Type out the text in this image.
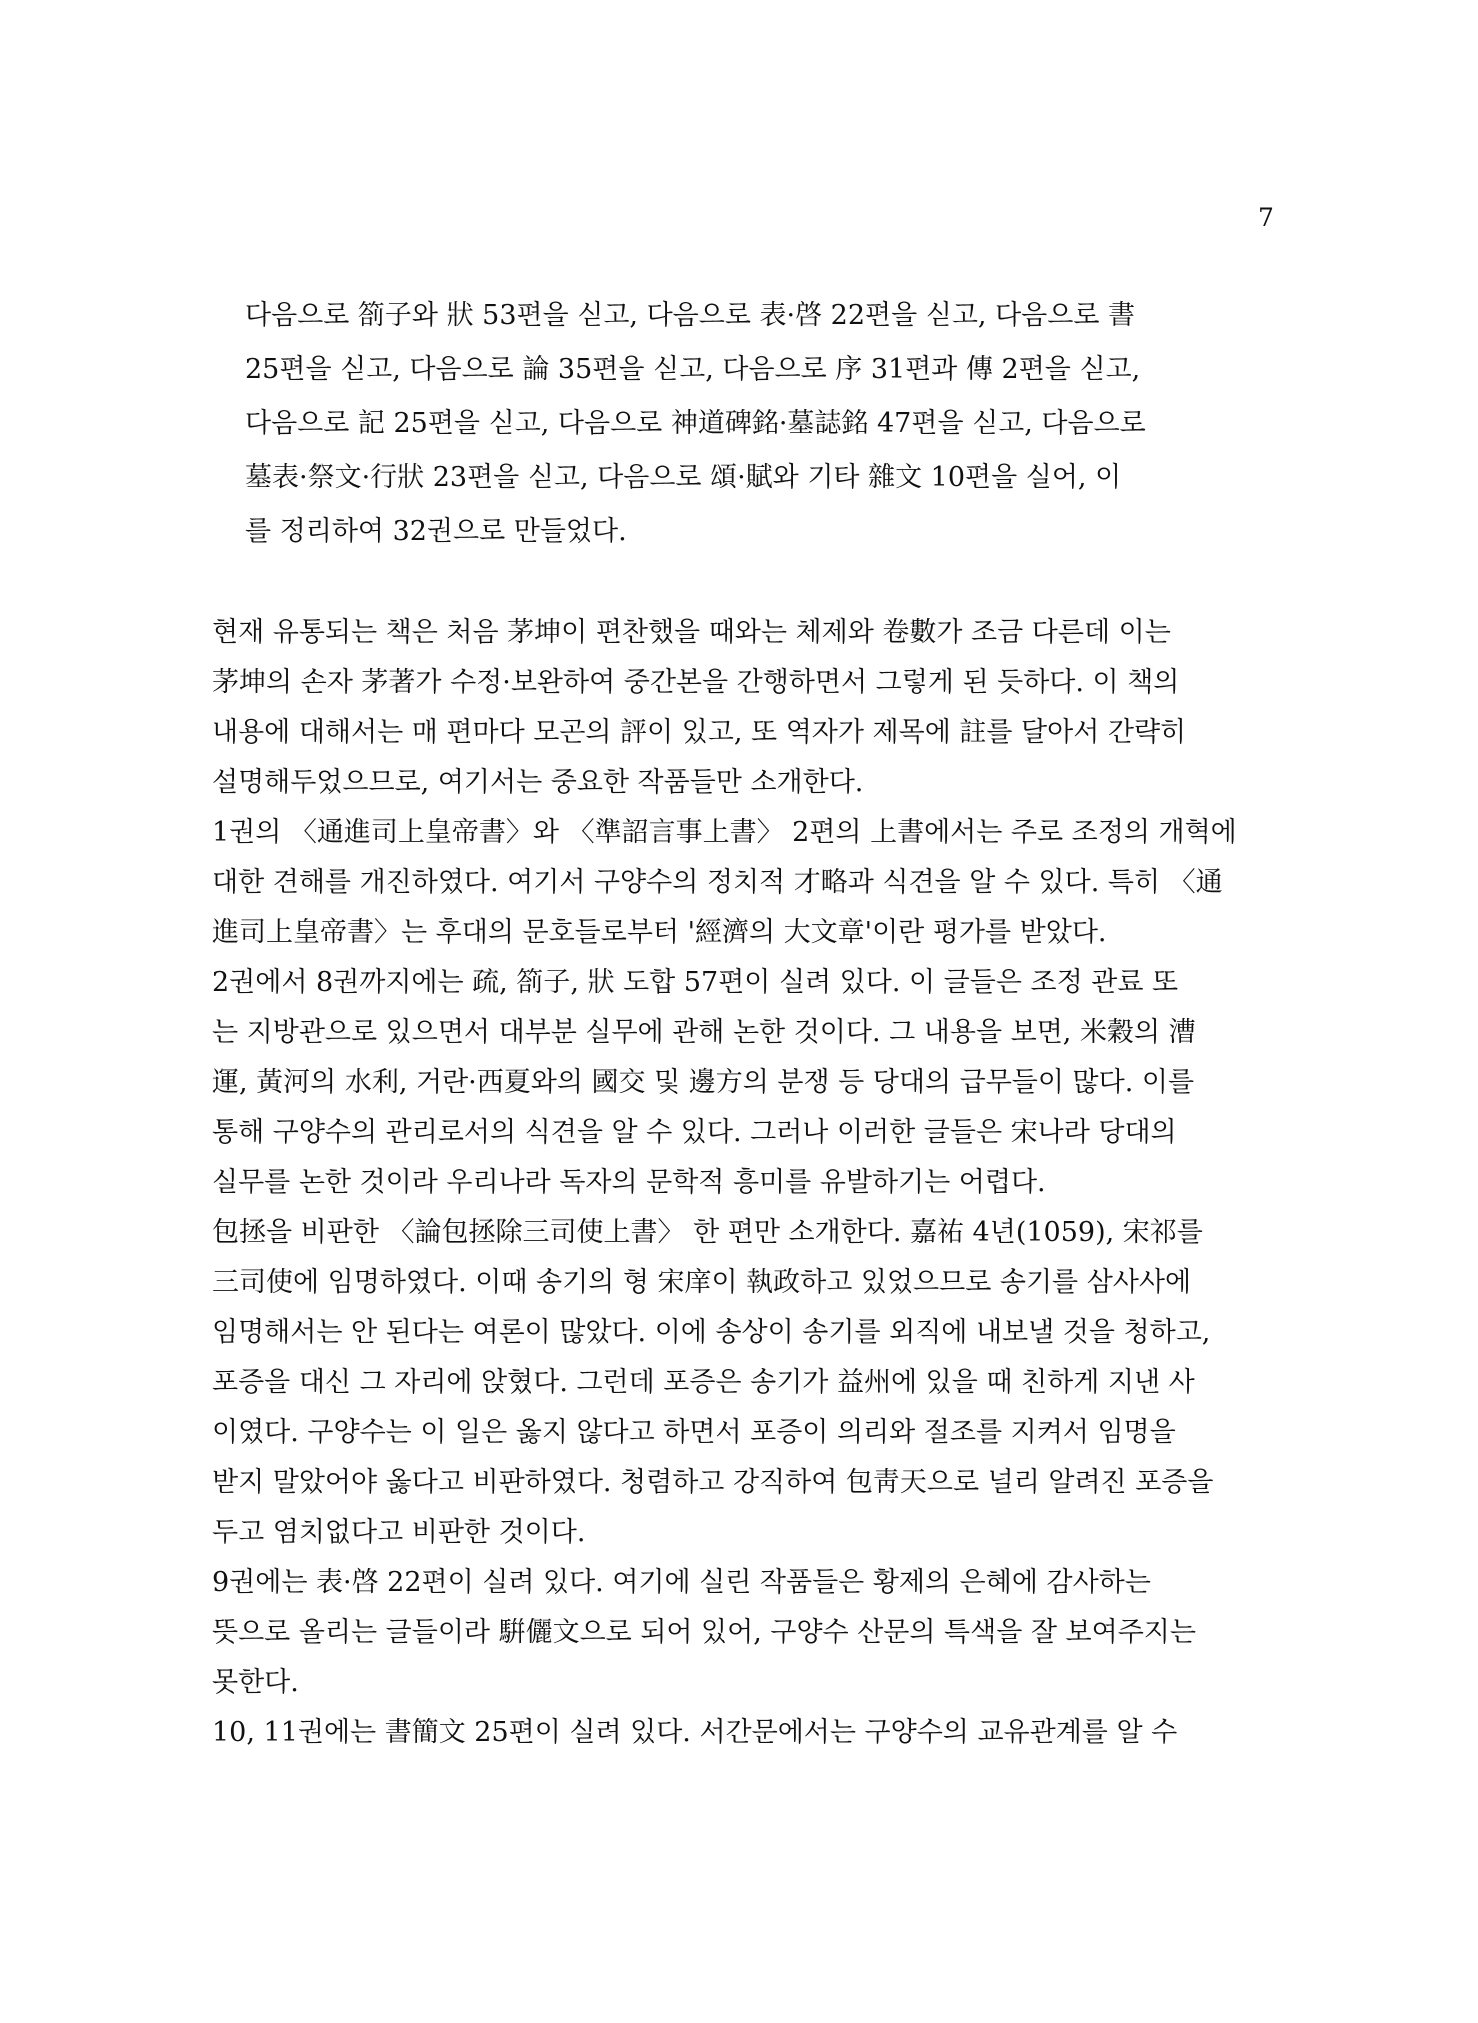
7
다음으로 箚子와 狀 53편을 싣고, 다음으로 表·啓 22편을 싣고, 다음으로 書
25편을 싣고, 다음으로 論 35편을 싣고, 다음으로 序 31편과 傳 2편을 싣고,
다음으로 記 25편을 싣고, 다음으로 神道碑銘·墓誌銘 47편을 싣고, 다음으로
墓表·祭文·行狀 23편을 싣고, 다음으로 頌·賦와 기타 雜文 10편을 실어, 이
를 정리하여 32권으로 만들었다.
현재 유통되는 책은 처음 茅坤이 편찬했을 때와는 체제와 卷數가 조금 다른데 이는
茅坤의 손자 茅著가 수정·보완하여 중간본을 간행하면서 그렇게 된 듯하다. 이 책의
내용에 대해서는 매 편마다 모곤의 評이 있고, 또 역자가 제목에 註를 달아서 간략히
설명해두었으므로, 여기서는 중요한 작품들만 소개한다.
1권의 〈通進司上皇帝書〉와 〈準詔言事上書〉 2편의 上書에서는 주로 조정의 개혁에
대한 견해를 개진하였다. 여기서 구양수의 정치적 才略과 식견을 알 수 있다. 특히 〈通
進司上皇帝書〉는 후대의 문호들로부터 '經濟의 大文章'이란 평가를 받았다.
2권에서 8권까지에는 疏, 箚子, 狀 도합 57편이 실려 있다. 이 글들은 조정 관료 또
는 지방관으로 있으면서 대부분 실무에 관해 논한 것이다. 그 내용을 보면, 米穀의 漕
運, 黃河의 水利, 거란·西夏와의 國交 및 邊方의 분쟁 등 당대의 급무들이 많다. 이를
통해 구양수의 관리로서의 식견을 알 수 있다. 그러나 이러한 글들은 宋나라 당대의
실무를 논한 것이라 우리나라 독자의 문학적 흥미를 유발하기는 어렵다.
包拯을 비판한 〈論包拯除三司使上書〉 한 편만 소개한다. 嘉祐 4년(1059), 宋祁를
三司使에 임명하였다. 이때 송기의 형 宋庠이 執政하고 있었으므로 송기를 삼사사에
임명해서는 안 된다는 여론이 많았다. 이에 송상이 송기를 외직에 내보낼 것을 청하고,
포증을 대신 그 자리에 앉혔다. 그런데 포증은 송기가 益州에 있을 때 친하게 지낸 사
이였다. 구양수는 이 일은 옳지 않다고 하면서 포증이 의리와 절조를 지켜서 임명을
받지 말았어야 옳다고 비판하였다. 청렴하고 강직하여 包靑天으로 널리 알려진 포증을
두고 염치없다고 비판한 것이다.
9권에는 表·啓 22편이 실려 있다. 여기에 실린 작품들은 황제의 은혜에 감사하는
뜻으로 올리는 글들이라 騈儷文으로 되어 있어, 구양수 산문의 특색을 잘 보여주지는
못한다.
10, 11권에는 書簡文 25편이 실려 있다. 서간문에서는 구양수의 교유관계를 알 수
